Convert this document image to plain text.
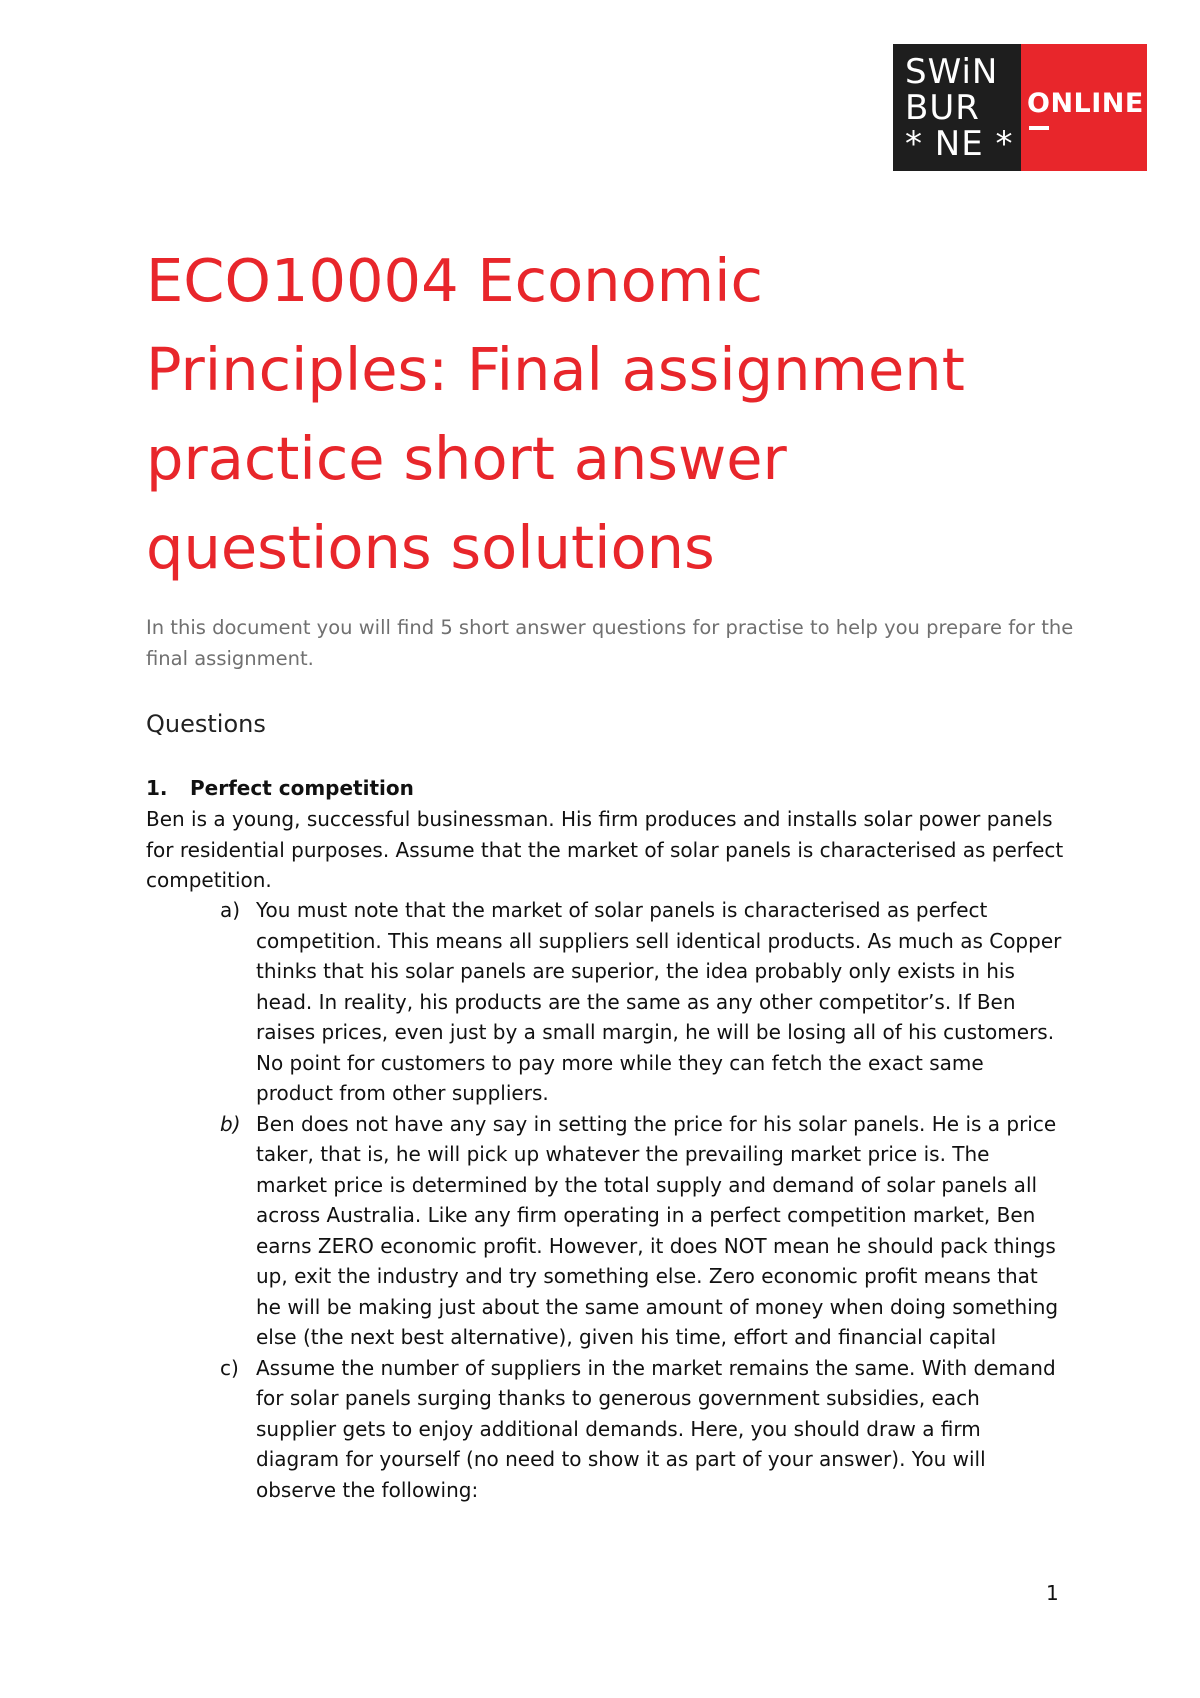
SWiN
BUR
* NE *
ONLINE
ECO10004 Economic Principles: Final assignment practice short answer questions solutions

In this document you will find 5 short answer questions for practise to help you prepare for the final assignment.

Questions
1. Perfect competition

Ben is a young, successful businessman. His firm produces and installs solar power panels for residential purposes. Assume that the market of solar panels is characterised as perfect competition.

a) You must note that the market of solar panels is characterised as perfect competition. This means all suppliers sell identical products. As much as Copper thinks that his solar panels are superior, the idea probably only exists in his head. In reality, his products are the same as any other competitor’s. If Ben raises prices, even just by a small margin, he will be losing all of his customers. No point for customers to pay more while they can fetch the exact same product from other suppliers.
b) Ben does not have any say in setting the price for his solar panels. He is a price taker, that is, he will pick up whatever the prevailing market price is. The market price is determined by the total supply and demand of solar panels all across Australia. Like any firm operating in a perfect competition market, Ben earns ZERO economic profit. However, it does NOT mean he should pack things up, exit the industry and try something else. Zero economic profit means that he will be making just about the same amount of money when doing something else (the next best alternative), given his time, effort and financial capital
c) Assume the number of suppliers in the market remains the same. With demand for solar panels surging thanks to generous government subsidies, each supplier gets to enjoy additional demands. Here, you should draw a firm diagram for yourself (no need to show it as part of your answer). You will observe the following:
1
